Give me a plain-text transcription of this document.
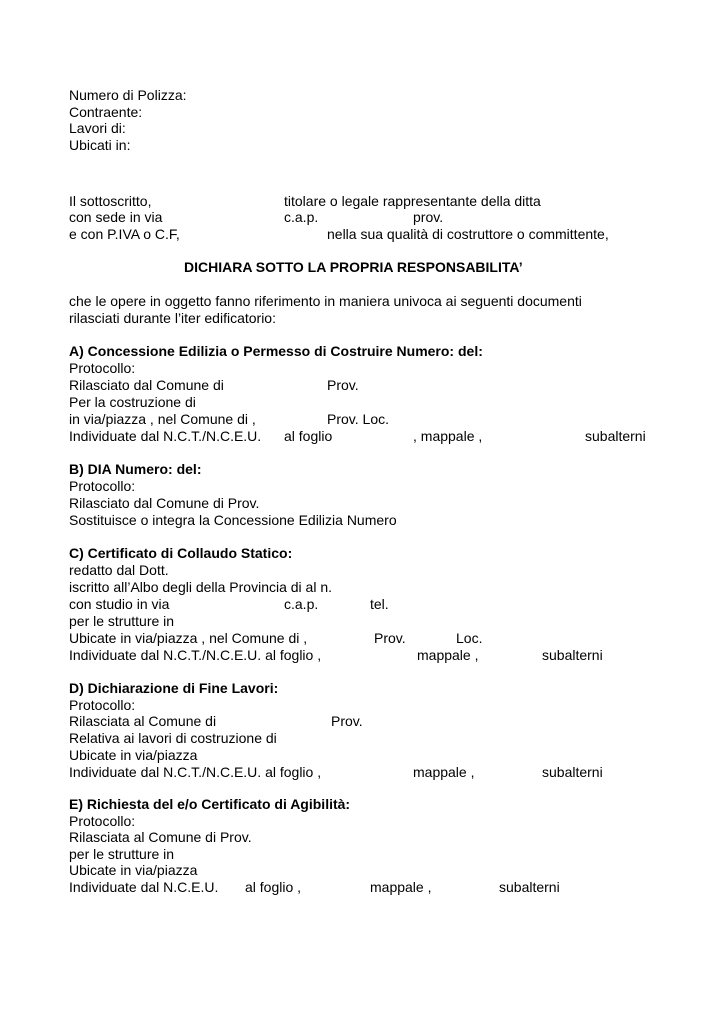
Numero di Polizza:
Contraente:
Lavori di:
Ubicati in:
Il sottoscritto,	titolare o legale rappresentante della ditta
con sede in via	c.a.p.	prov.
e con P.IVA o C.F,	nella sua qualità di costruttore o committente,
DICHIARA SOTTO LA PROPRIA RESPONSABILITA’
che le opere in oggetto fanno riferimento in maniera univoca ai seguenti documenti
rilasciati durante l’iter edificatorio:
A) Concessione Edilizia o Permesso di Costruire Numero: del:
Protocollo:
Rilasciato dal Comune di	Prov.
Per la costruzione di
in via/piazza , nel Comune di ,	Prov. Loc.
Individuate dal N.C.T./N.C.E.U. al foglio	, mappale ,	subalterni
B) DIA Numero: del:
Protocollo:
Rilasciato dal Comune di Prov.
Sostituisce o integra la Concessione Edilizia Numero
C) Certificato di Collaudo Statico:
redatto dal Dott.
iscritto all’Albo degli della Provincia di al n.
con studio in via	c.a.p.	tel.
per le strutture in
Ubicate in via/piazza , nel Comune di ,	Prov.	Loc.
Individuate dal N.C.T./N.C.E.U. al foglio ,	mappale ,	subalterni
D) Dichiarazione di Fine Lavori:
Protocollo:
Rilasciata al Comune di	Prov.
Relativa ai lavori di costruzione di
Ubicate in via/piazza
Individuate dal N.C.T./N.C.E.U. al foglio ,	mappale ,	subalterni
E) Richiesta del e/o Certificato di Agibilità:
Protocollo:
Rilasciata al Comune di Prov.
per le strutture in
Ubicate in via/piazza
Individuate dal N.C.E.U. al foglio ,	mappale ,	subalterni
